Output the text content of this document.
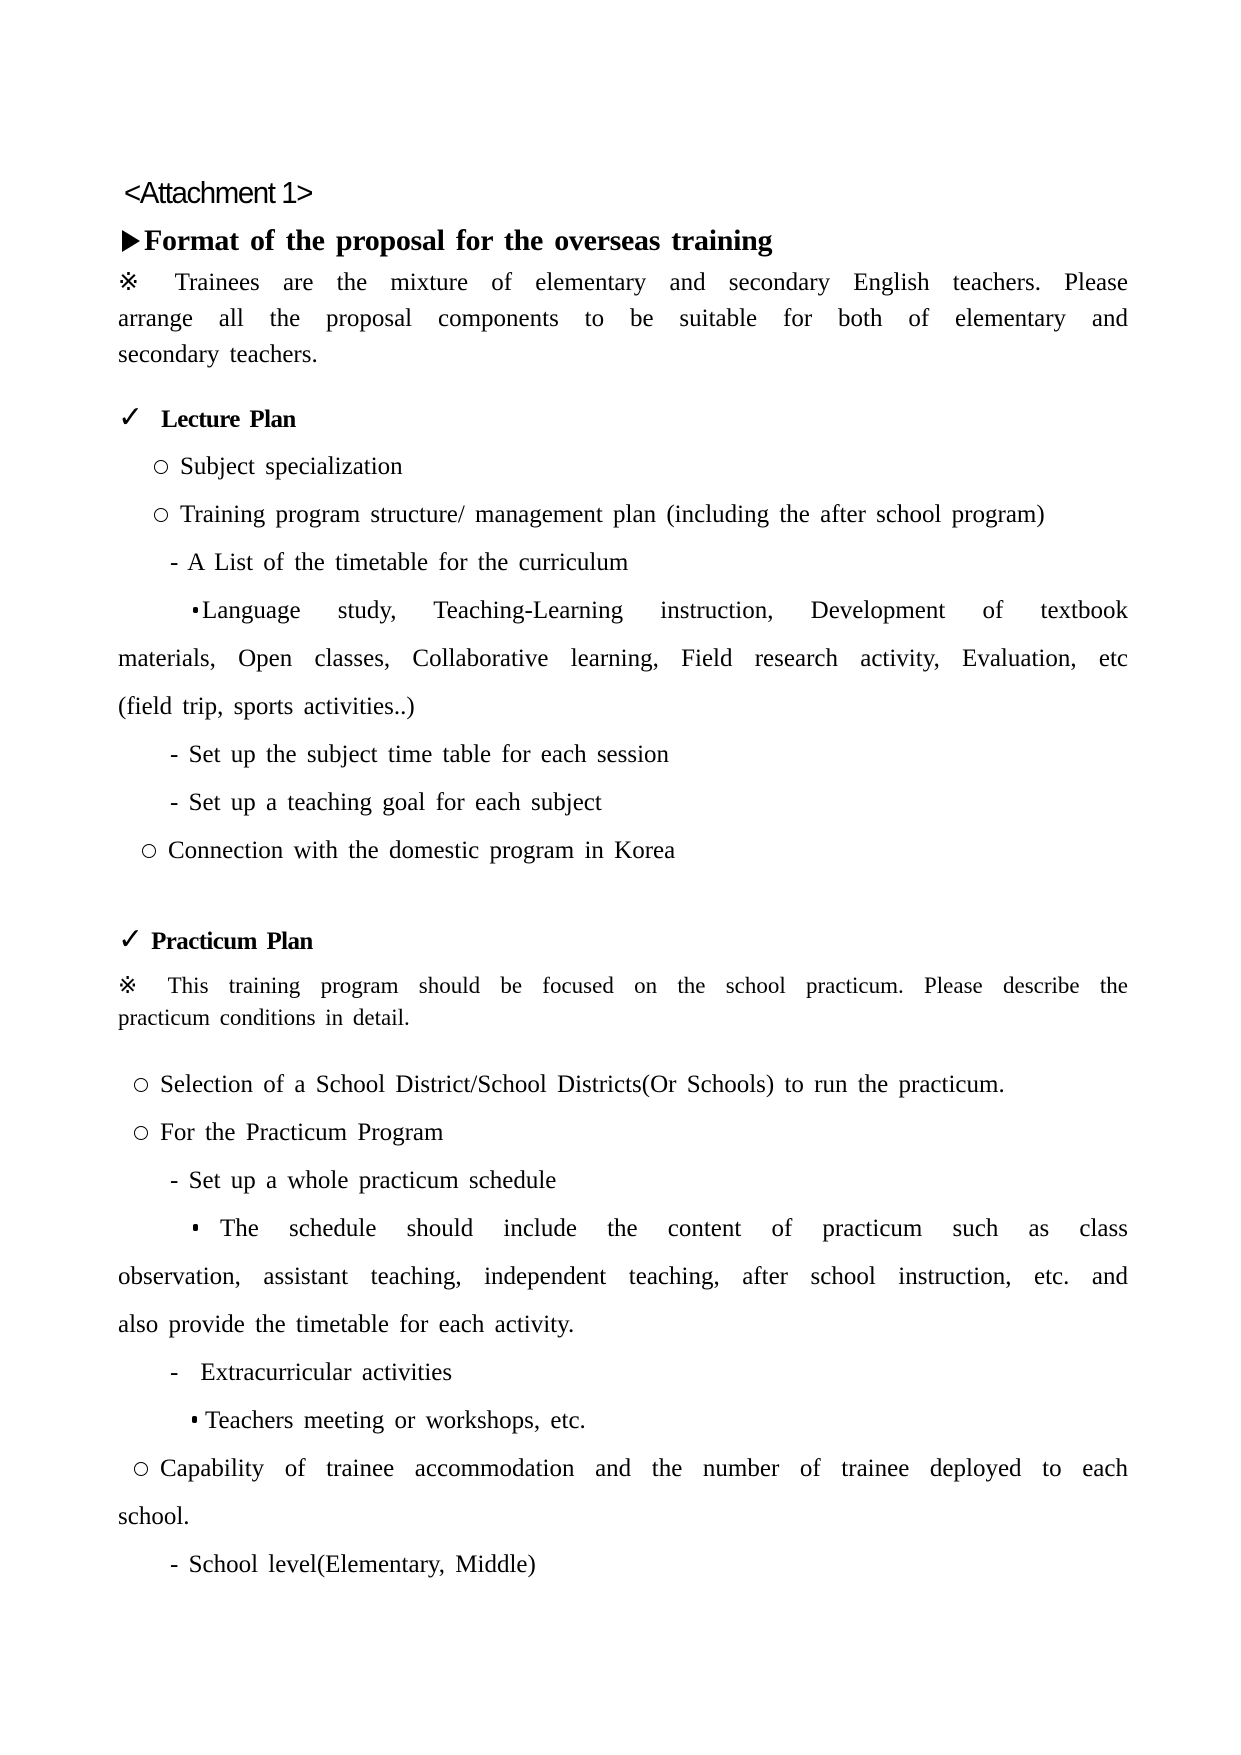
<Attachment 1>
Format of the proposal for the overseas training
※ Trainees are the mixture of elementary and secondary English teachers. Please
arrange all the proposal components to be suitable for both of elementary and
secondary teachers.
✓ Lecture Plan
Subject specialization
Training program structure/ management plan (including the after school program)
- A List of the timetable for the curriculum
Language study, Teaching-Learning instruction, Development of textbook
materials, Open classes, Collaborative learning, Field research activity, Evaluation, etc
(field trip, sports activities..)
- Set up the subject time table for each session
- Set up a teaching goal for each subject
Connection with the domestic program in Korea
✓ Practicum Plan
※ This training program should be focused on the school practicum. Please describe the
practicum conditions in detail.
Selection of a School District/School Districts(Or Schools) to run the practicum.
For the Practicum Program
- Set up a whole practicum schedule
The schedule should include the content of practicum such as class
observation, assistant teaching, independent teaching, after school instruction, etc. and
also provide the timetable for each activity.
- Extracurricular activities
Teachers meeting or workshops, etc.
Capability of trainee accommodation and the number of trainee deployed to each
school.
- School level(Elementary, Middle)
